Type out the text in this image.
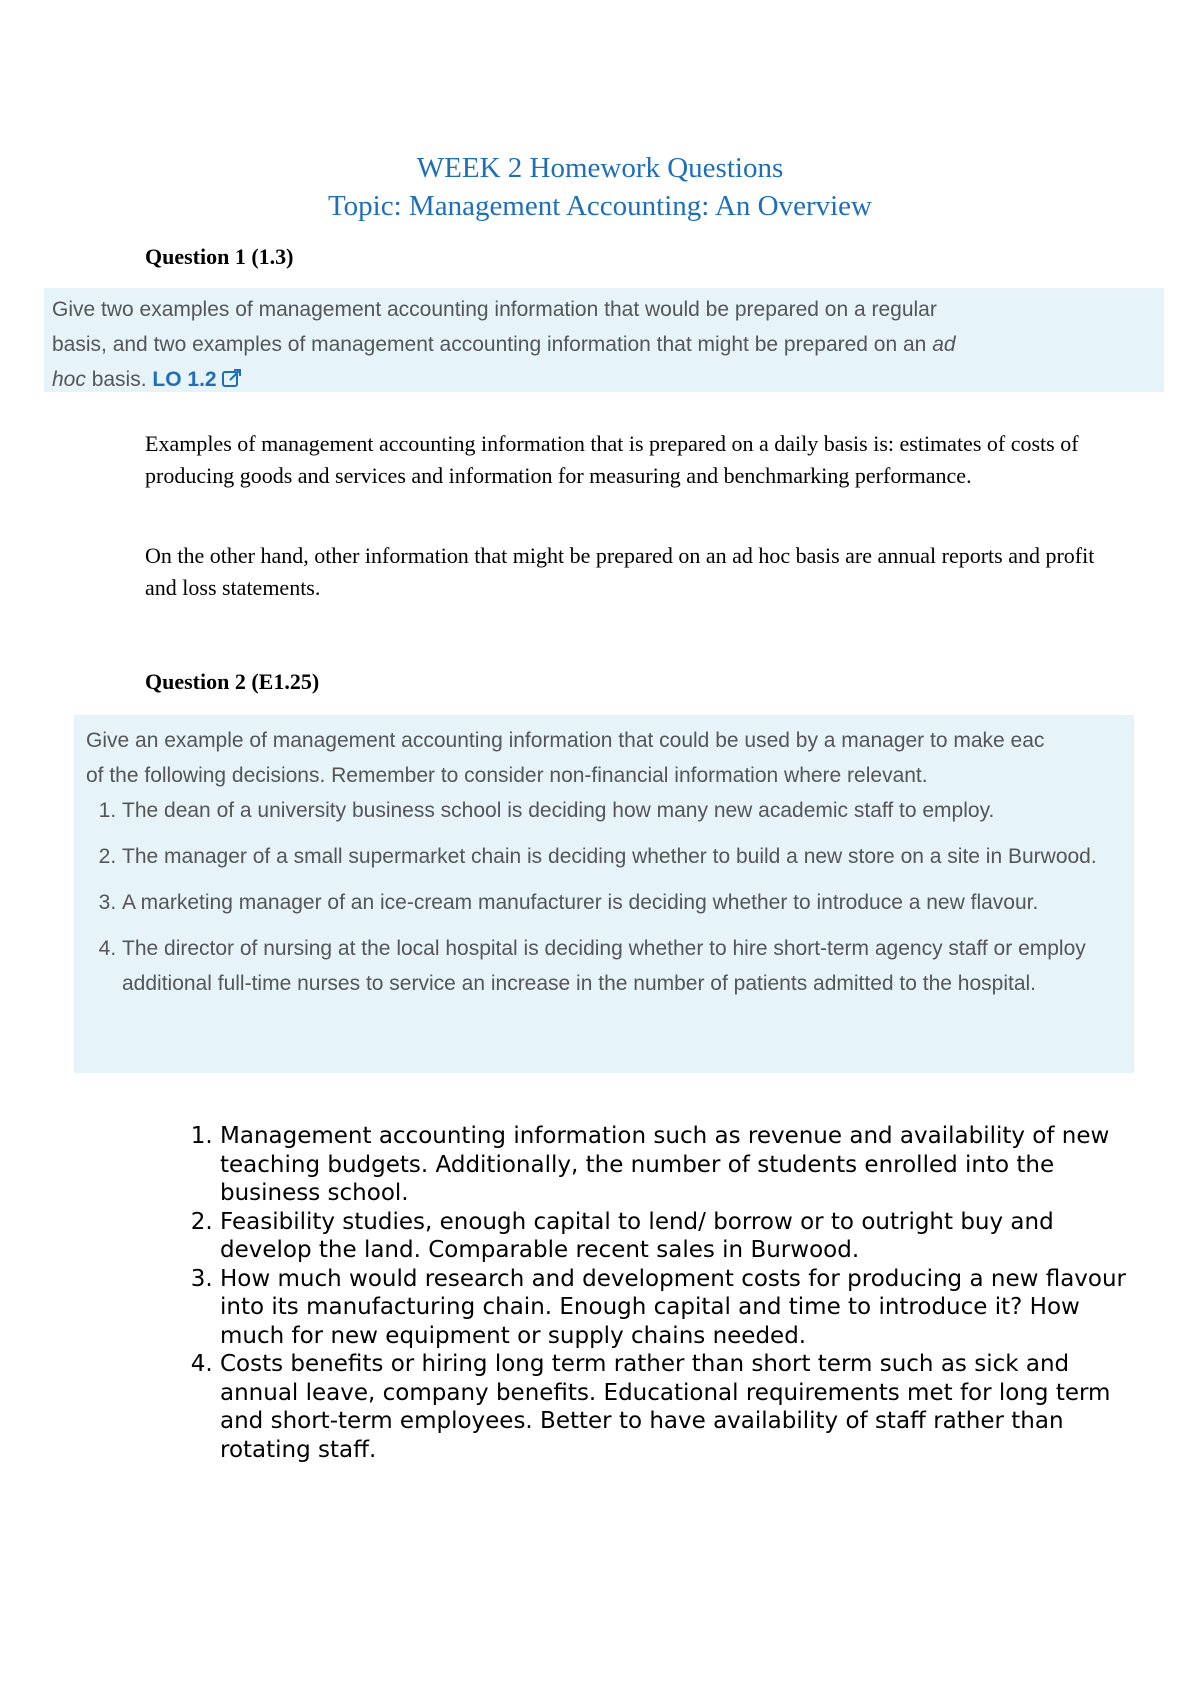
WEEK 2 Homework Questions
Topic: Management Accounting: An Overview
Question 1 (1.3)
Give two examples of management accounting information that would be prepared on a regular
basis, and two examples of management accounting information that might be prepared on an ad
hoc basis. LO 1.2

Examples of management accounting information that is prepared on a daily basis is: estimates of costs of producing goods and services and information for measuring and benchmarking performance.

On the other hand, other information that might be prepared on an ad hoc basis are annual reports and profit and loss statements.

Question 2 (E1.25)
Give an example of management accounting information that could be used by a manager to make eac
of the following decisions. Remember to consider non-financial information where relevant.
1. The dean of a university business school is deciding how many new academic staff to employ.
2. The manager of a small supermarket chain is deciding whether to build a new store on a site in Burwood.
3. A marketing manager of an ice-cream manufacturer is deciding whether to introduce a new flavour.
4. The director of nursing at the local hospital is deciding whether to hire short-term agency staff or employ additional full-time nurses to service an increase in the number of patients admitted to the hospital.
1. Management accounting information such as revenue and availability of new teaching budgets. Additionally, the number of students enrolled into the business school.
2. Feasibility studies, enough capital to lend/ borrow or to outright buy and develop the land. Comparable recent sales in Burwood.
3. How much would research and development costs for producing a new flavour into its manufacturing chain. Enough capital and time to introduce it? How much for new equipment or supply chains needed.
4. Costs benefits or hiring long term rather than short term such as sick and annual leave, company benefits. Educational requirements met for long term and short-term employees. Better to have availability of staff rather than rotating staff.
